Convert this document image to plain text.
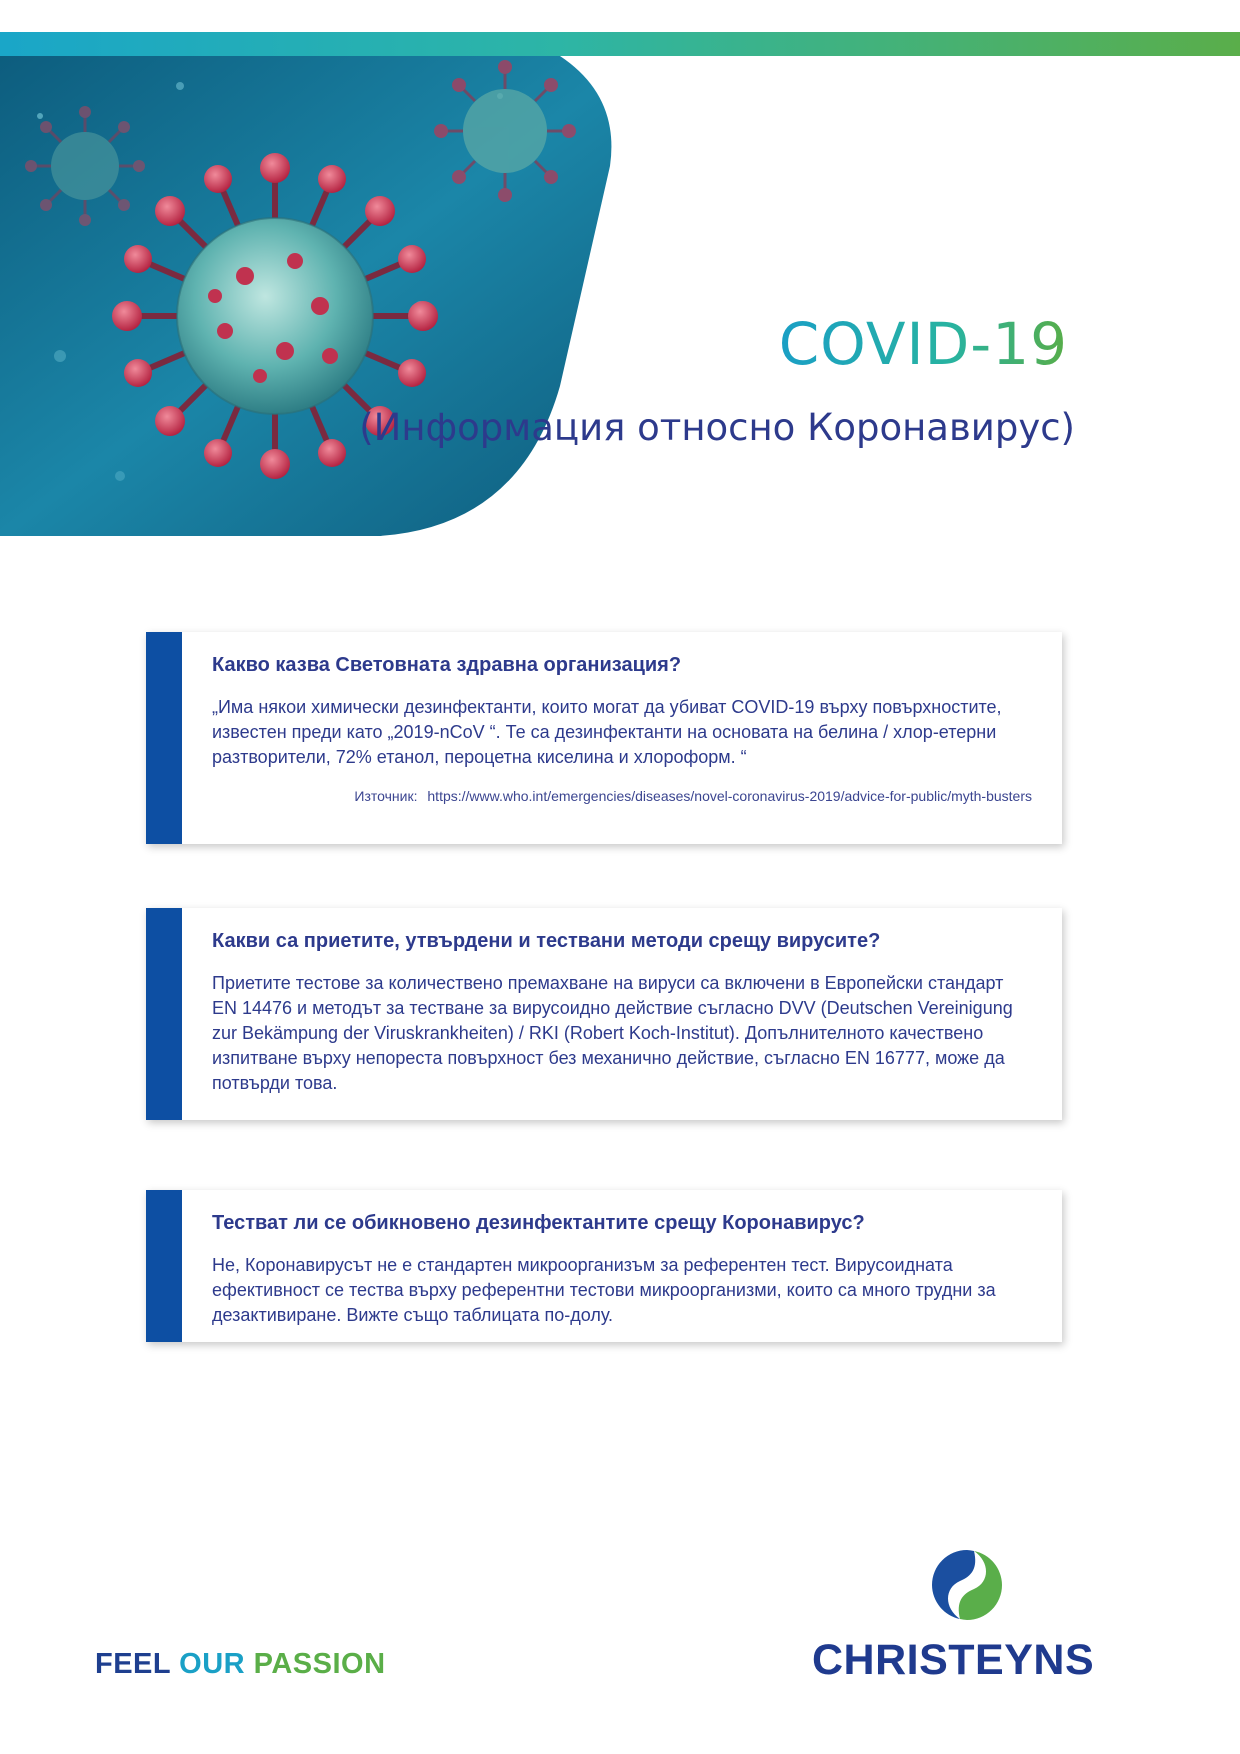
COVID-19
(Информация относно Коронавирус)
Какво казва Световната здравна организация?

„Има някои химически дезинфектанти, които могат да убиват COVID-19 върху повърхностите, известен преди като „2019-nCoV “. Те са дезинфектанти на основата на белина / хлор-етерни разтворители, 72% етанол, пероцетна киселина и хлороформ. “

Източник: https://www.who.int/emergencies/diseases/novel-coronavirus-2019/advice-for-public/myth-busters
Какви са приетите, утвърдени и тествани методи срещу вирусите?

Приетите тестове за количествено премахване на вируси са включени в Европейски стандарт EN 14476 и методът за тестване за вирусоидно действие съгласно DVV (Deutschen Vereinigung zur Bekämpung der Viruskrankheiten) / RKI (Robert Koch-Institut). Допълнителното качествено изпитване върху непореста повърхност без механично действие, съгласно EN 16777, може да потвърди това.

Тестват ли се обикновено дезинфектантите срещу Коронавирус?

Не, Коронавирусът не е стандартен микроорганизъм за референтен тест. Вирусоидната ефективност се тества върху референтни тестови микроорганизми, които са много трудни за дезактивиране. Вижте също таблицата по-долу.

FEEL OUR PASSION	CHRISTEYNS
